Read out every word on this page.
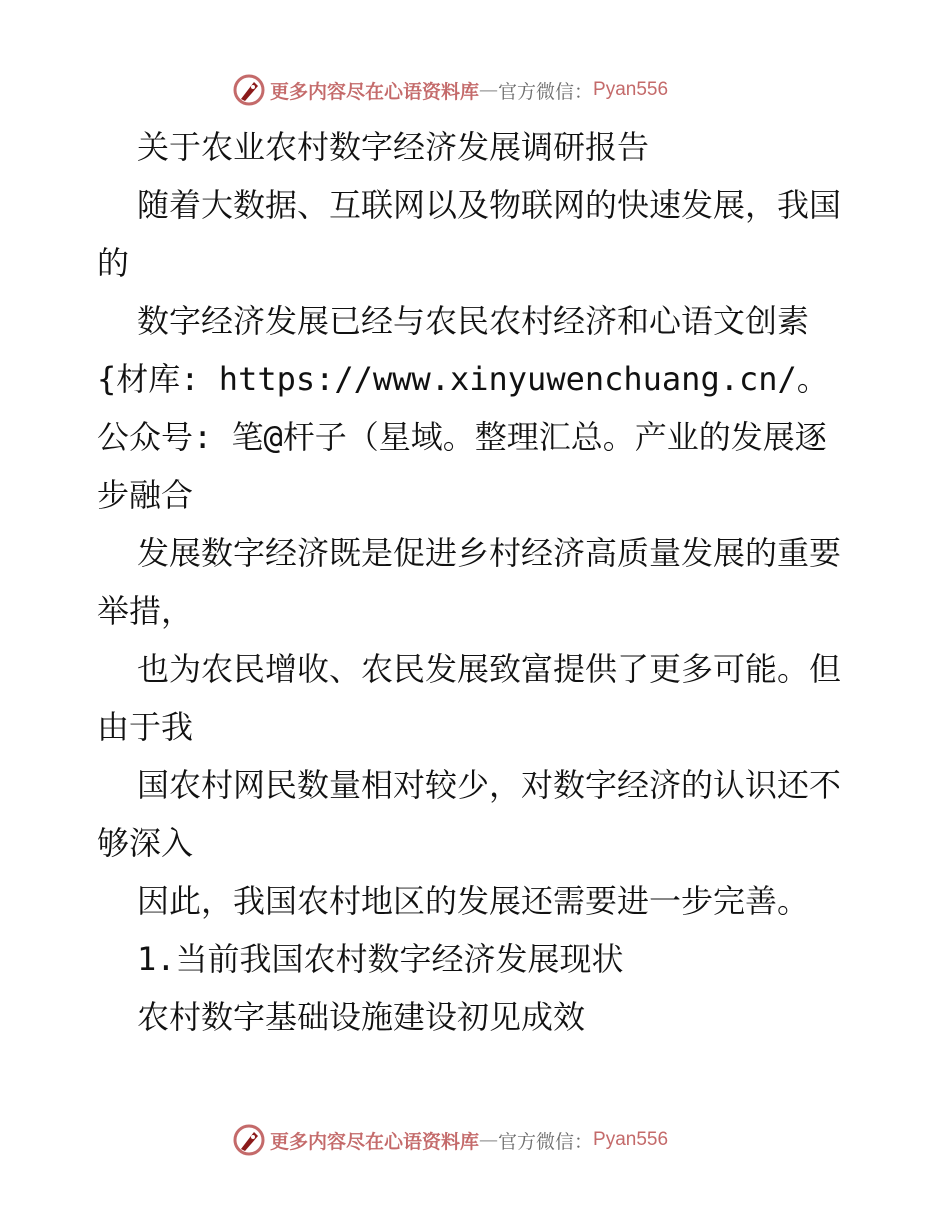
更多内容尽在心语资料库 — 官方微信： Pyan556

关于农业农村数字经济发展调研报告

随着大数据、互联网以及物联网的快速发展，我国的

数字经济发展已经与农民农村经济和心语文创素{材库: https://www.xinyuwenchuang.cn/。公众号: 笔@杆子（星域。整理汇总。产业的发展逐步融合

发展数字经济既是促进乡村经济高质量发展的重要举措，

也为农民增收、农民发展致富提供了更多可能。但由于我

国农村网民数量相对较少，对数字经济的认识还不够深入

因此，我国农村地区的发展还需要进一步完善。

1.当前我国农村数字经济发展现状

农村数字基础设施建设初见成效

更多内容尽在心语资料库 — 官方微信： Pyan556
